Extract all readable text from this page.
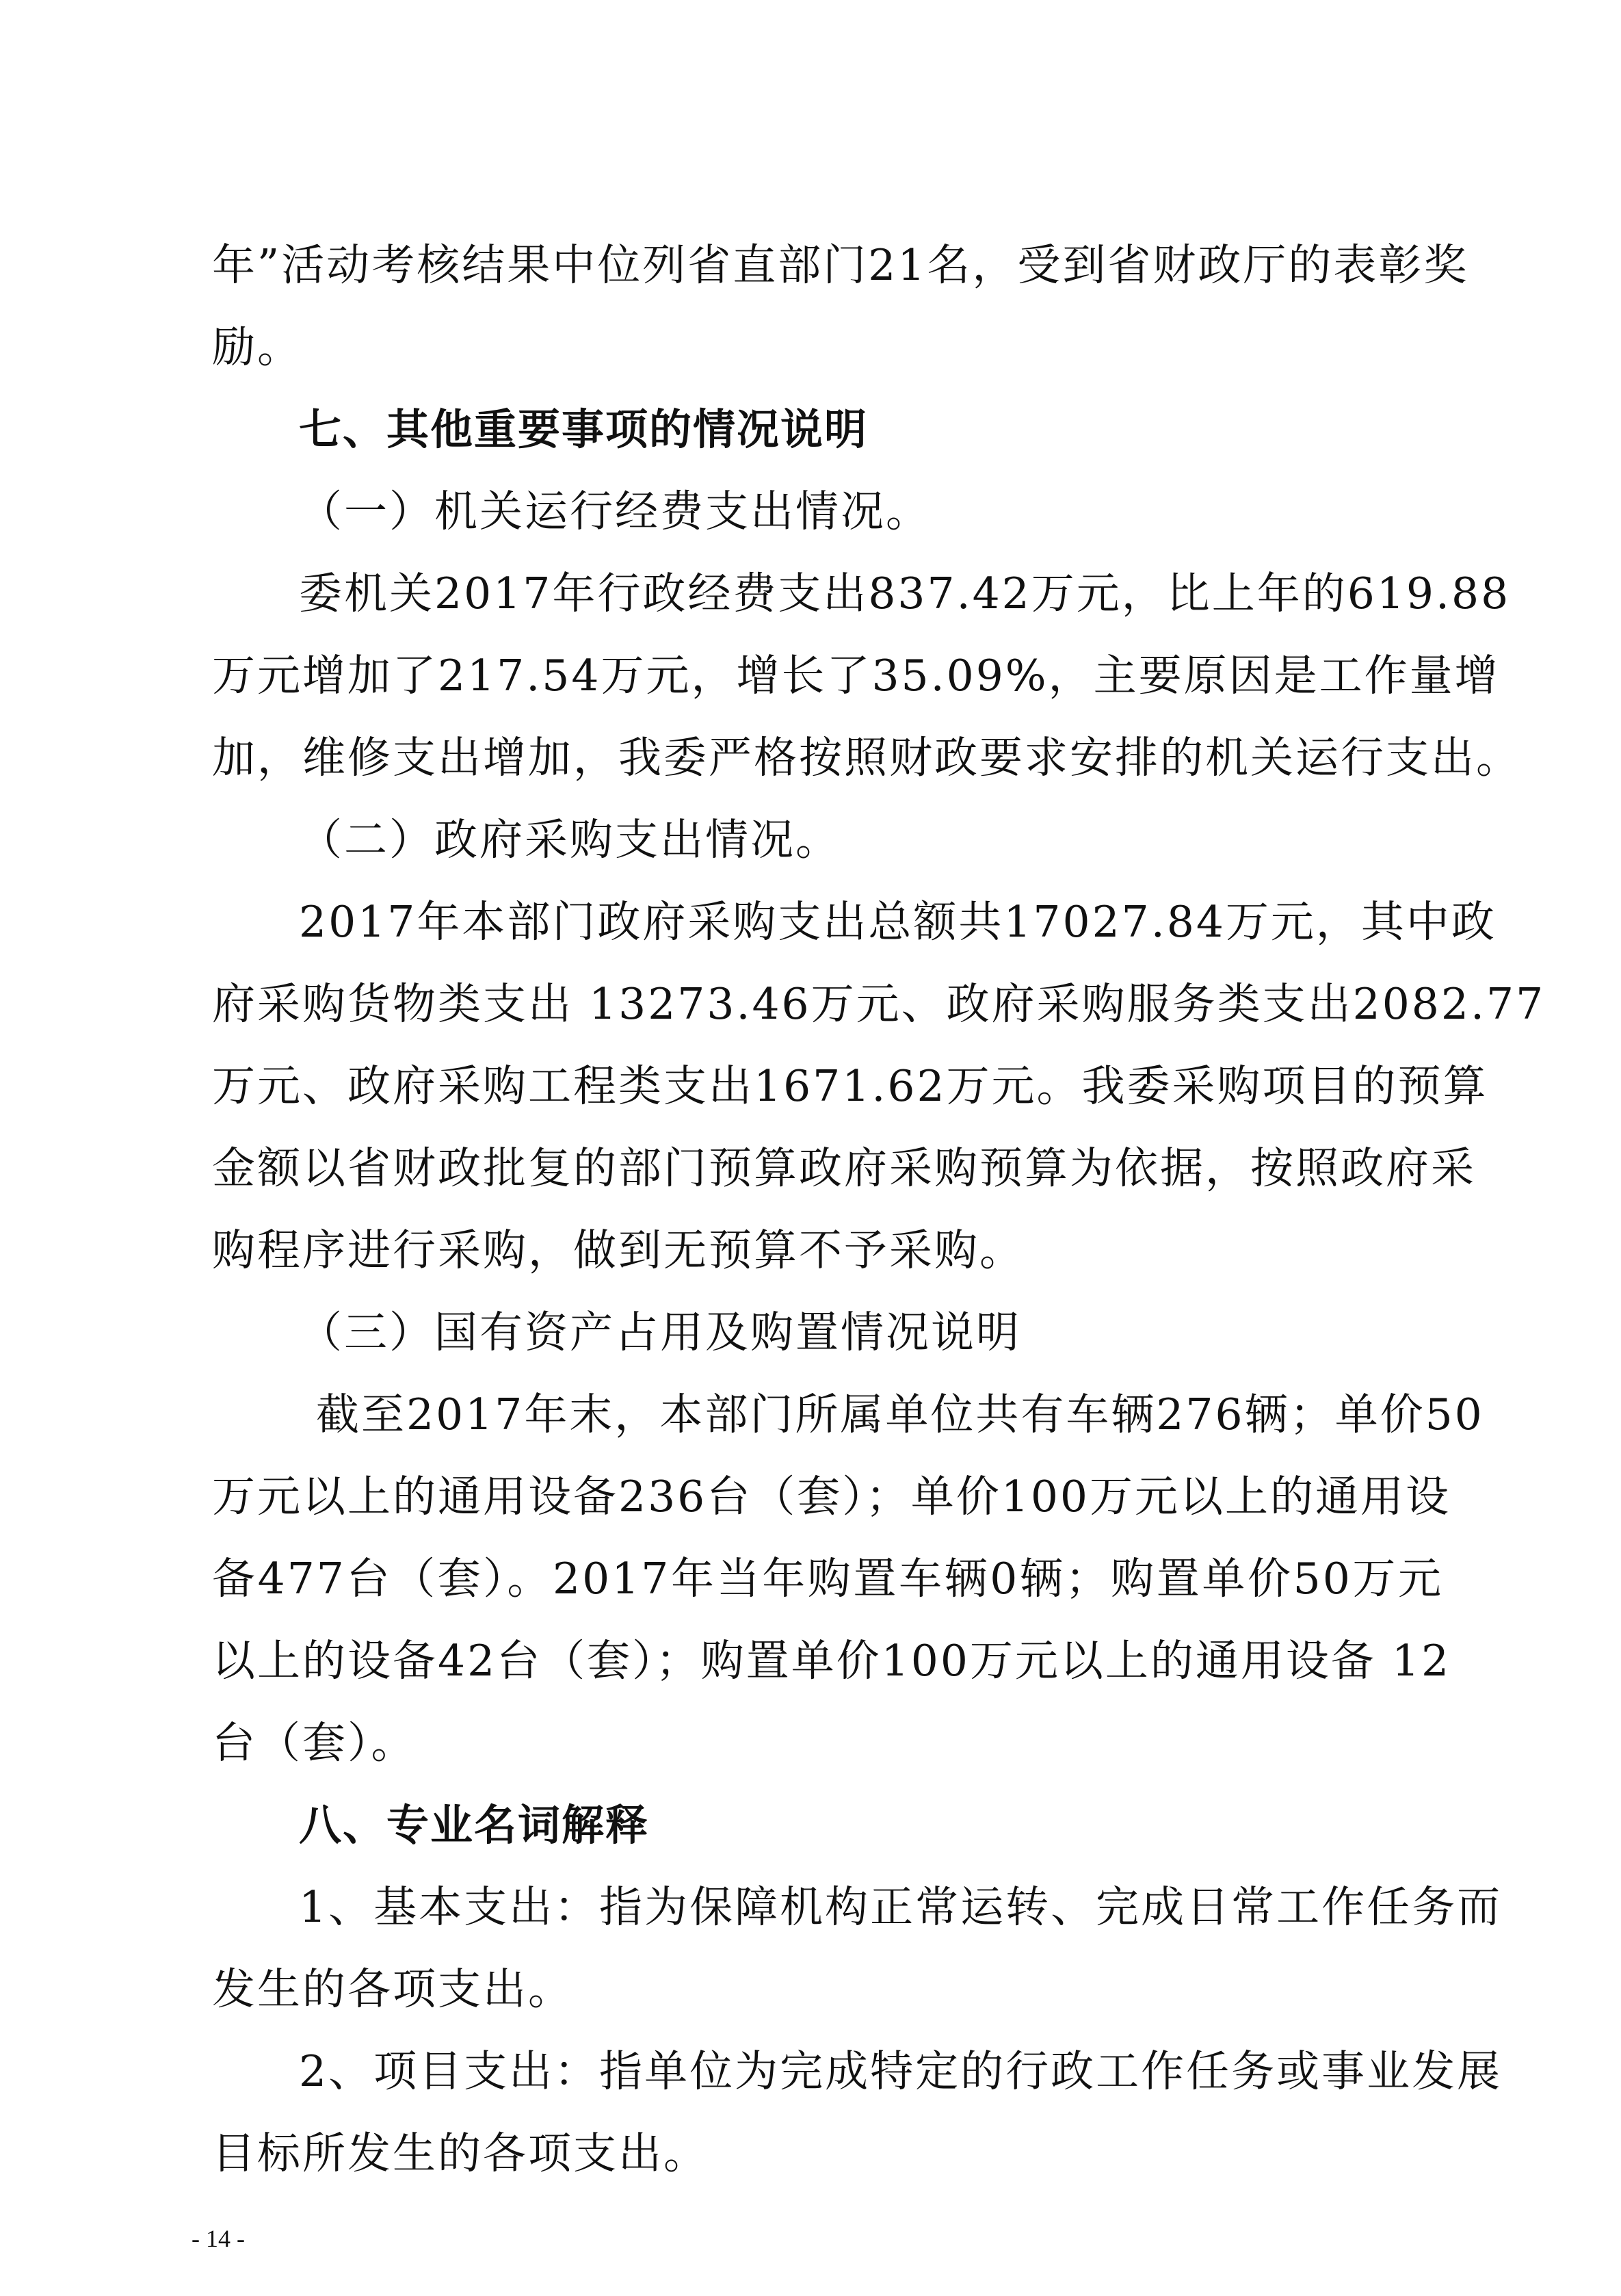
年”活动考核结果中位列省直部门21名，受到省财政厅的表彰奖
励。
七、其他重要事项的情况说明
（一）机关运行经费支出情况。
委机关2017年行政经费支出837.42万元，比上年的619.88
万元增加了217.54万元，增长了35.09%，主要原因是工作量增
加，维修支出增加，我委严格按照财政要求安排的机关运行支出。
（二）政府采购支出情况。
2017年本部门政府采购支出总额共17027.84万元，其中政
府采购货物类支出 13273.46万元、政府采购服务类支出2082.77
万元、政府采购工程类支出1671.62万元。我委采购项目的预算
金额以省财政批复的部门预算政府采购预算为依据，按照政府采
购程序进行采购，做到无预算不予采购。
（三）国有资产占用及购置情况说明
截至2017年末，本部门所属单位共有车辆276辆；单价50
万元以上的通用设备236台（套）；单价100万元以上的通用设
备477台（套）。2017年当年购置车辆0辆；购置单价50万元
以上的设备42台（套）；购置单价100万元以上的通用设备 12
台（套）。
八、专业名词解释
1、基本支出：指为保障机构正常运转、完成日常工作任务而
发生的各项支出。
2、项目支出：指单位为完成特定的行政工作任务或事业发展
目标所发生的各项支出。
- 14 -
